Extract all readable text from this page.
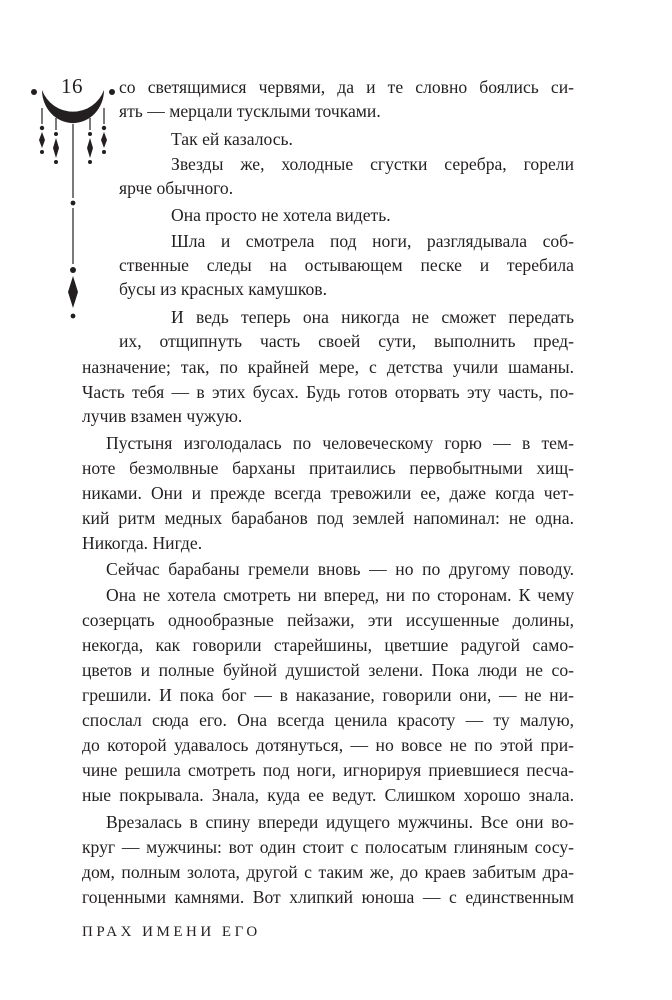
16	со светящимися червями, да и те словно боялись си-
ять — мерцали тусклыми точками.
Так ей казалось.
Звезды же, холодные сгустки серебра, горели
ярче обычного.
Она просто не хотела видеть.
Шла и смотрела под ноги, разглядывала соб-
ственные следы на остывающем песке и теребила
бусы из красных камушков.
И ведь теперь она никогда не сможет передать
их, отщипнуть часть своей сути, выполнить пред-
назначение; так, по крайней мере, с детства учили шаманы.
Часть тебя — в этих бусах. Будь готов оторвать эту часть, по-
лучив взамен чужую.
Пустыня изголодалась по человеческому горю — в тем-
ноте безмолвные барханы притаились первобытными хищ-
никами. Они и прежде всегда тревожили ее, даже когда чет-
кий ритм медных барабанов под землей напоминал: не одна.
Никогда. Нигде.
Сейчас барабаны гремели вновь — но по другому поводу.
Она не хотела смотреть ни вперед, ни по сторонам. К чему
созерцать однообразные пейзажи, эти иссушенные долины,
некогда, как говорили старейшины, цветшие радугой само-
цветов и полные буйной душистой зелени. Пока люди не со-
грешили. И пока бог — в наказание, говорили они, — не ни-
спослал сюда его. Она всегда ценила красоту — ту малую,
до которой удавалось дотянуться, — но вовсе не по этой при-
чине решила смотреть под ноги, игнорируя приевшиеся песча-
ные покрывала. Знала, куда ее ведут. Слишком хорошо знала.
Врезалась в спину впереди идущего мужчины. Все они во-
круг — мужчины: вот один стоит с полосатым глиняным сосу-
дом, полным золота, другой с таким же, до краев забитым дра-
гоценными камнями. Вот хлипкий юноша — с единственным
ПРАХ ИМЕНИ ЕГО
